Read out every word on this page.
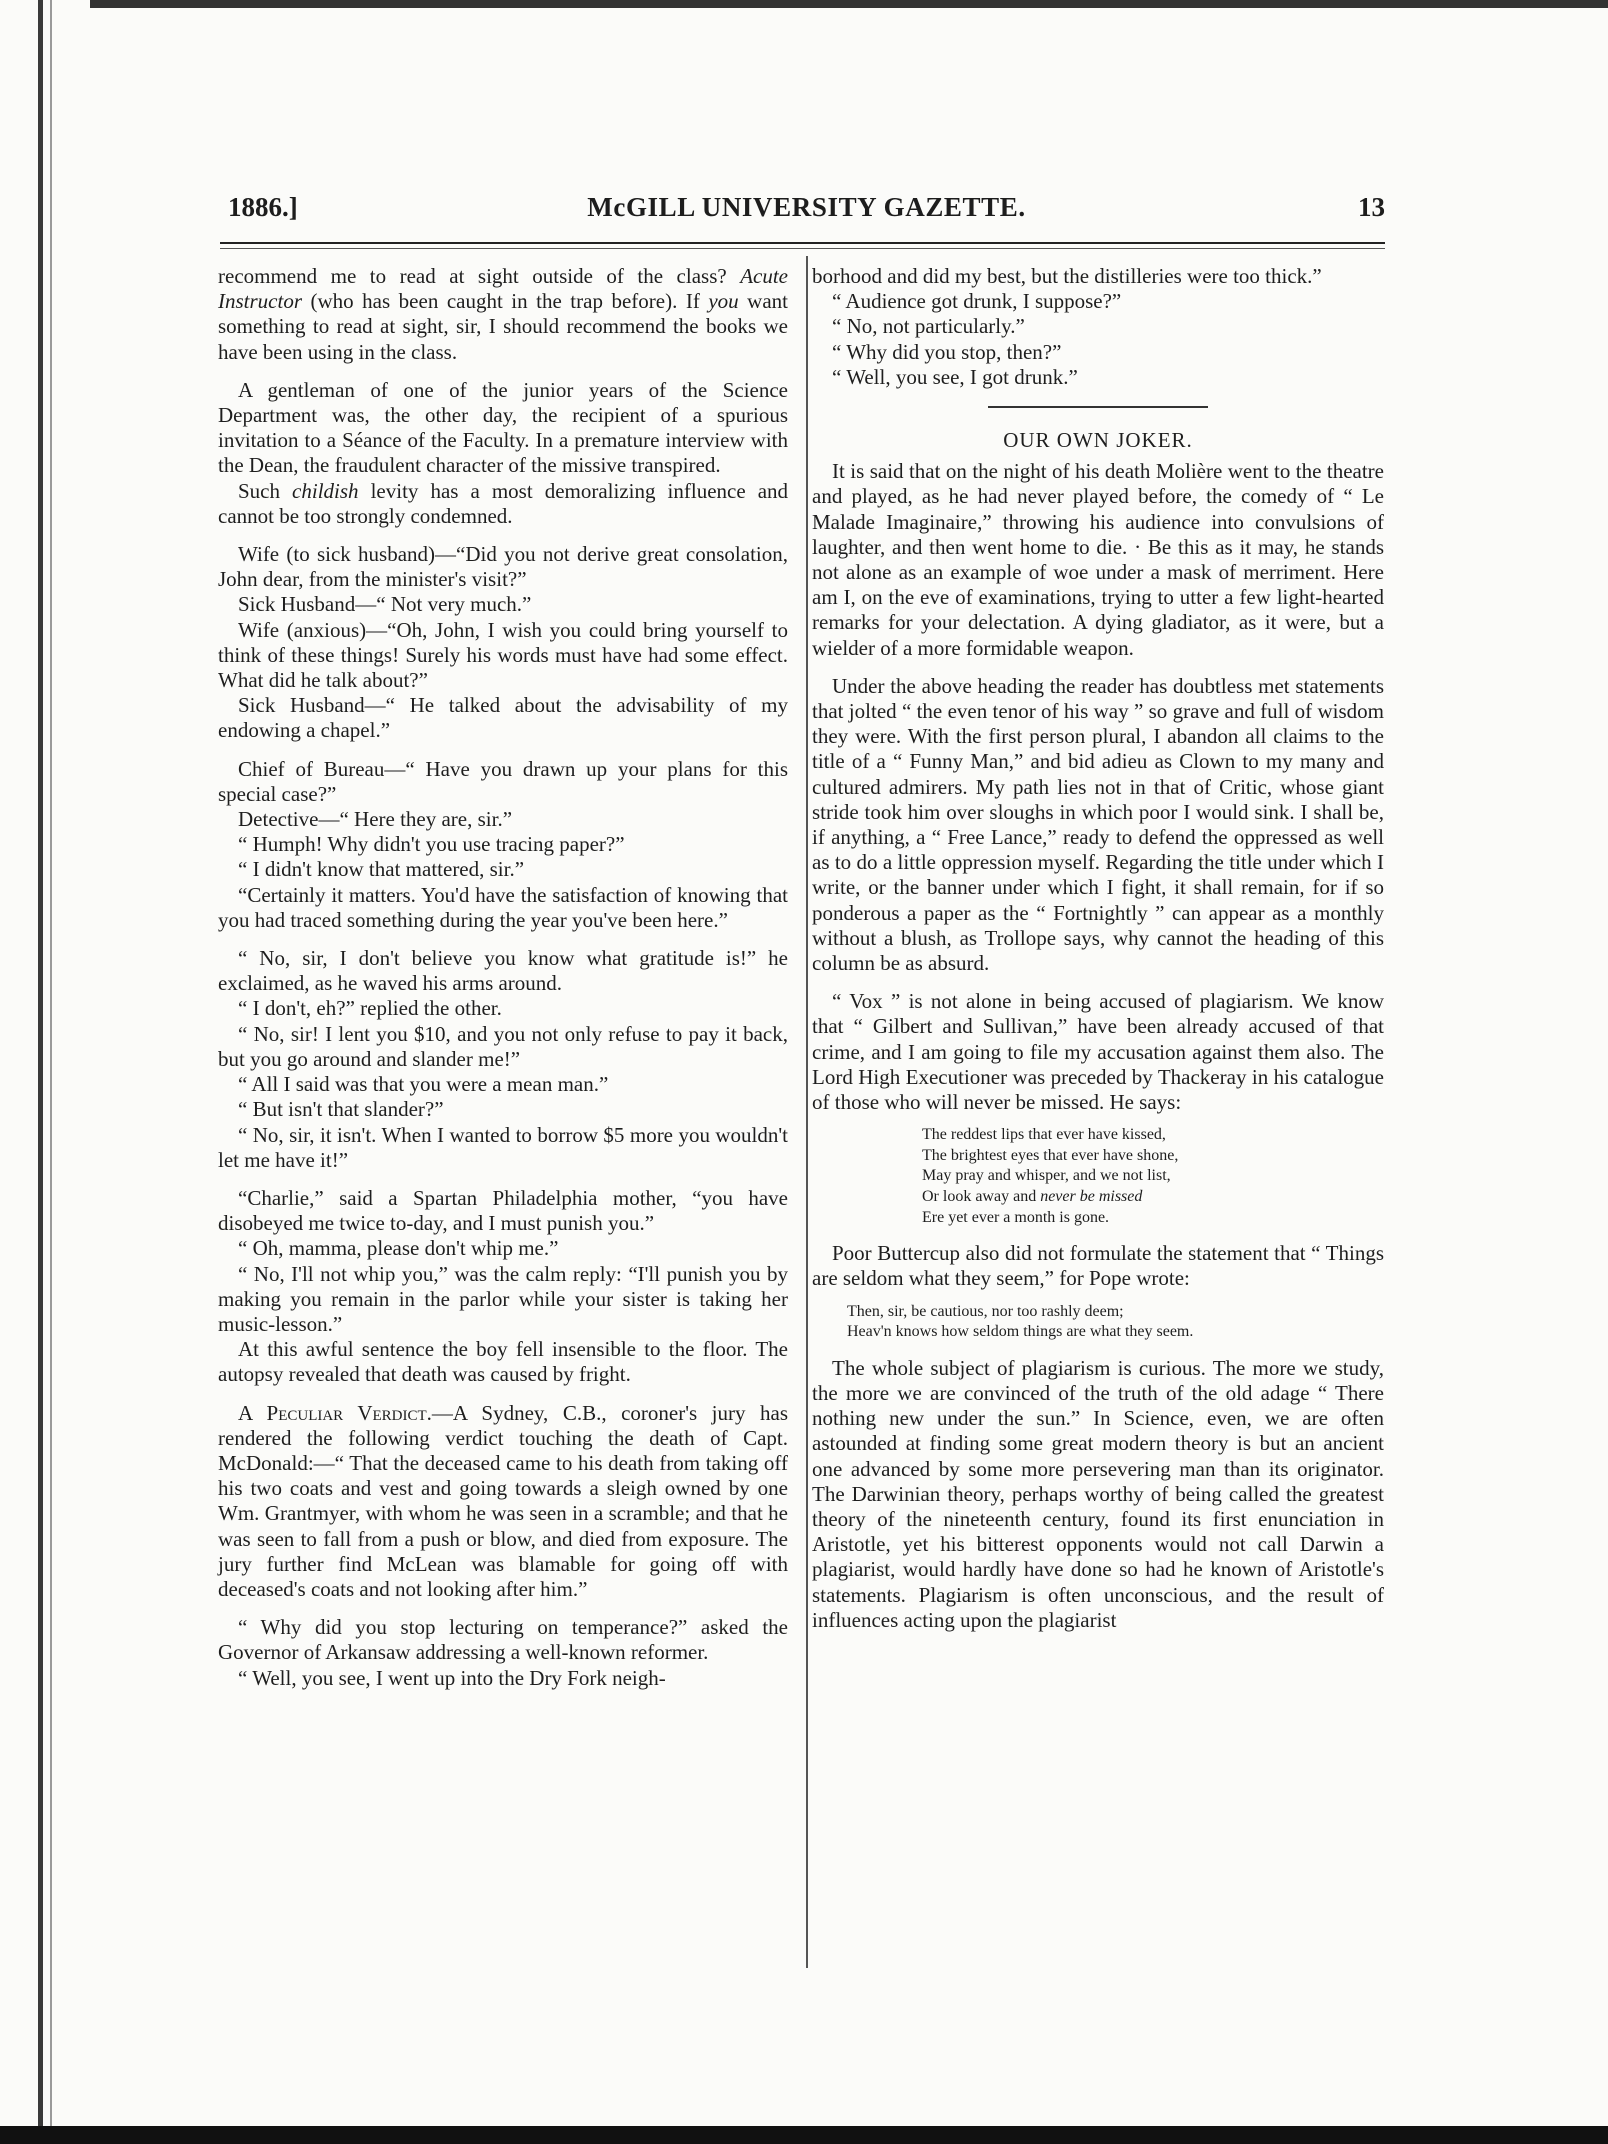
1886.]	McGILL UNIVERSITY GAZETTE.	13

recommend me to read at sight outside of the class? Acute Instructor (who has been caught in the trap before). If you want something to read at sight, sir, I should recommend the books we have been using in the class.

A gentleman of one of the junior years of the Science Department was, the other day, the recipient of a spurious invitation to a Séance of the Faculty. In a premature interview with the Dean, the fraudulent character of the missive transpired.

Such childish levity has a most demoralizing influence and cannot be too strongly condemned.

Wife (to sick husband)—“Did you not derive great consolation, John dear, from the minister's visit?”

Sick Husband—“ Not very much.”

Wife (anxious)—“Oh, John, I wish you could bring yourself to think of these things! Surely his words must have had some effect. What did he talk about?”

Sick Husband—“ He talked about the advisability of my endowing a chapel.”

Chief of Bureau—“ Have you drawn up your plans for this special case?”

Detective—“ Here they are, sir.”

“ Humph! Why didn't you use tracing paper?”

“ I didn't know that mattered, sir.”

“Certainly it matters. You'd have the satisfaction of knowing that you had traced something during the year you've been here.”

“ No, sir, I don't believe you know what gratitude is!” he exclaimed, as he waved his arms around.

“ I don't, eh?” replied the other.

“ No, sir! I lent you $10, and you not only refuse to pay it back, but you go around and slander me!”

“ All I said was that you were a mean man.”

“ But isn't that slander?”

“ No, sir, it isn't. When I wanted to borrow $5 more you wouldn't let me have it!”

“Charlie,” said a Spartan Philadelphia mother, “you have disobeyed me twice to-day, and I must punish you.”

“ Oh, mamma, please don't whip me.”

“ No, I'll not whip you,” was the calm reply: “I'll punish you by making you remain in the parlor while your sister is taking her music-lesson.”

At this awful sentence the boy fell insensible to the floor. The autopsy revealed that death was caused by fright.

A Peculiar Verdict.—A Sydney, C.B., coroner's jury has rendered the following verdict touching the death of Capt. McDonald:—“ That the deceased came to his death from taking off his two coats and vest and going towards a sleigh owned by one Wm. Grantmyer, with whom he was seen in a scramble; and that he was seen to fall from a push or blow, and died from exposure. The jury further find McLean was blamable for going off with deceased's coats and not looking after him.”

“ Why did you stop lecturing on temperance?” asked the Governor of Arkansaw addressing a well-known reformer.

“ Well, you see, I went up into the Dry Fork neigh-

borhood and did my best, but the distilleries were too thick.”

“ Audience got drunk, I suppose?”

“ No, not particularly.”

“ Why did you stop, then?”

“ Well, you see, I got drunk.”

OUR OWN JOKER.

It is said that on the night of his death Molière went to the theatre and played, as he had never played before, the comedy of “ Le Malade Imaginaire,” throwing his audience into convulsions of laughter, and then went home to die. · Be this as it may, he stands not alone as an example of woe under a mask of merriment. Here am I, on the eve of examinations, trying to utter a few light-hearted remarks for your delectation. A dying gladiator, as it were, but a wielder of a more formidable weapon.

Under the above heading the reader has doubtless met statements that jolted “ the even tenor of his way ” so grave and full of wisdom they were. With the first person plural, I abandon all claims to the title of a “ Funny Man,” and bid adieu as Clown to my many and cultured admirers. My path lies not in that of Critic, whose giant stride took him over sloughs in which poor I would sink. I shall be, if anything, a “ Free Lance,” ready to defend the oppressed as well as to do a little oppression myself. Regarding the title under which I write, or the banner under which I fight, it shall remain, for if so ponderous a paper as the “ Fortnightly ” can appear as a monthly without a blush, as Trollope says, why cannot the heading of this column be as absurd.

“ Vox ” is not alone in being accused of plagiarism. We know that “ Gilbert and Sullivan,” have been already accused of that crime, and I am going to file my accusation against them also. The Lord High Executioner was preceded by Thackeray in his catalogue of those who will never be missed. He says:

The reddest lips that ever have kissed,
The brightest eyes that ever have shone,
May pray and whisper, and we not list,
Or look away and never be missed
Ere yet ever a month is gone.

Poor Buttercup also did not formulate the statement that “ Things are seldom what they seem,” for Pope wrote:

Then, sir, be cautious, nor too rashly deem;
Heav'n knows how seldom things are what they seem.

The whole subject of plagiarism is curious. The more we study, the more we are convinced of the truth of the old adage “ There nothing new under the sun.” In Science, even, we are often astounded at finding some great modern theory is but an ancient one advanced by some more persevering man than its originator. The Darwinian theory, perhaps worthy of being called the greatest theory of the nineteenth century, found its first enunciation in Aristotle, yet his bitterest opponents would not call Darwin a plagiarist, would hardly have done so had he known of Aristotle's statements. Plagiarism is often unconscious, and the result of influences acting upon the plagiarist
